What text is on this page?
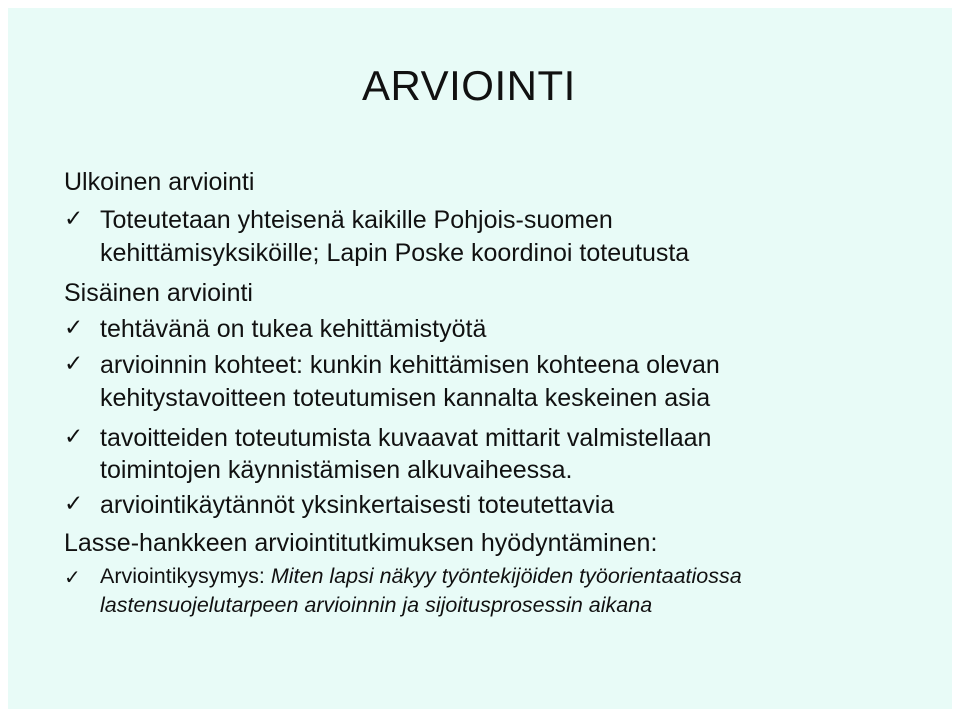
ARVIOINTI
Ulkoinen arviointi
✓ Toteutetaan yhteisenä kaikille Pohjois-suomen
kehittämisyksiköille; Lapin Poske koordinoi toteutusta
Sisäinen arviointi
✓ tehtävänä on tukea kehittämistyötä
✓ arvioinnin kohteet: kunkin kehittämisen kohteena olevan
kehitystavoitteen toteutumisen kannalta keskeinen asia
✓ tavoitteiden toteutumista kuvaavat mittarit valmistellaan
toimintojen käynnistämisen alkuvaiheessa.
✓ arviointikäytännöt yksinkertaisesti toteutettavia
Lasse-hankkeen arviointitutkimuksen hyödyntäminen:
✓ Arviointikysymys: Miten lapsi näkyy työntekijöiden työorientaatiossa
lastensuojelutarpeen arvioinnin ja sijoitusprosessin aikana
